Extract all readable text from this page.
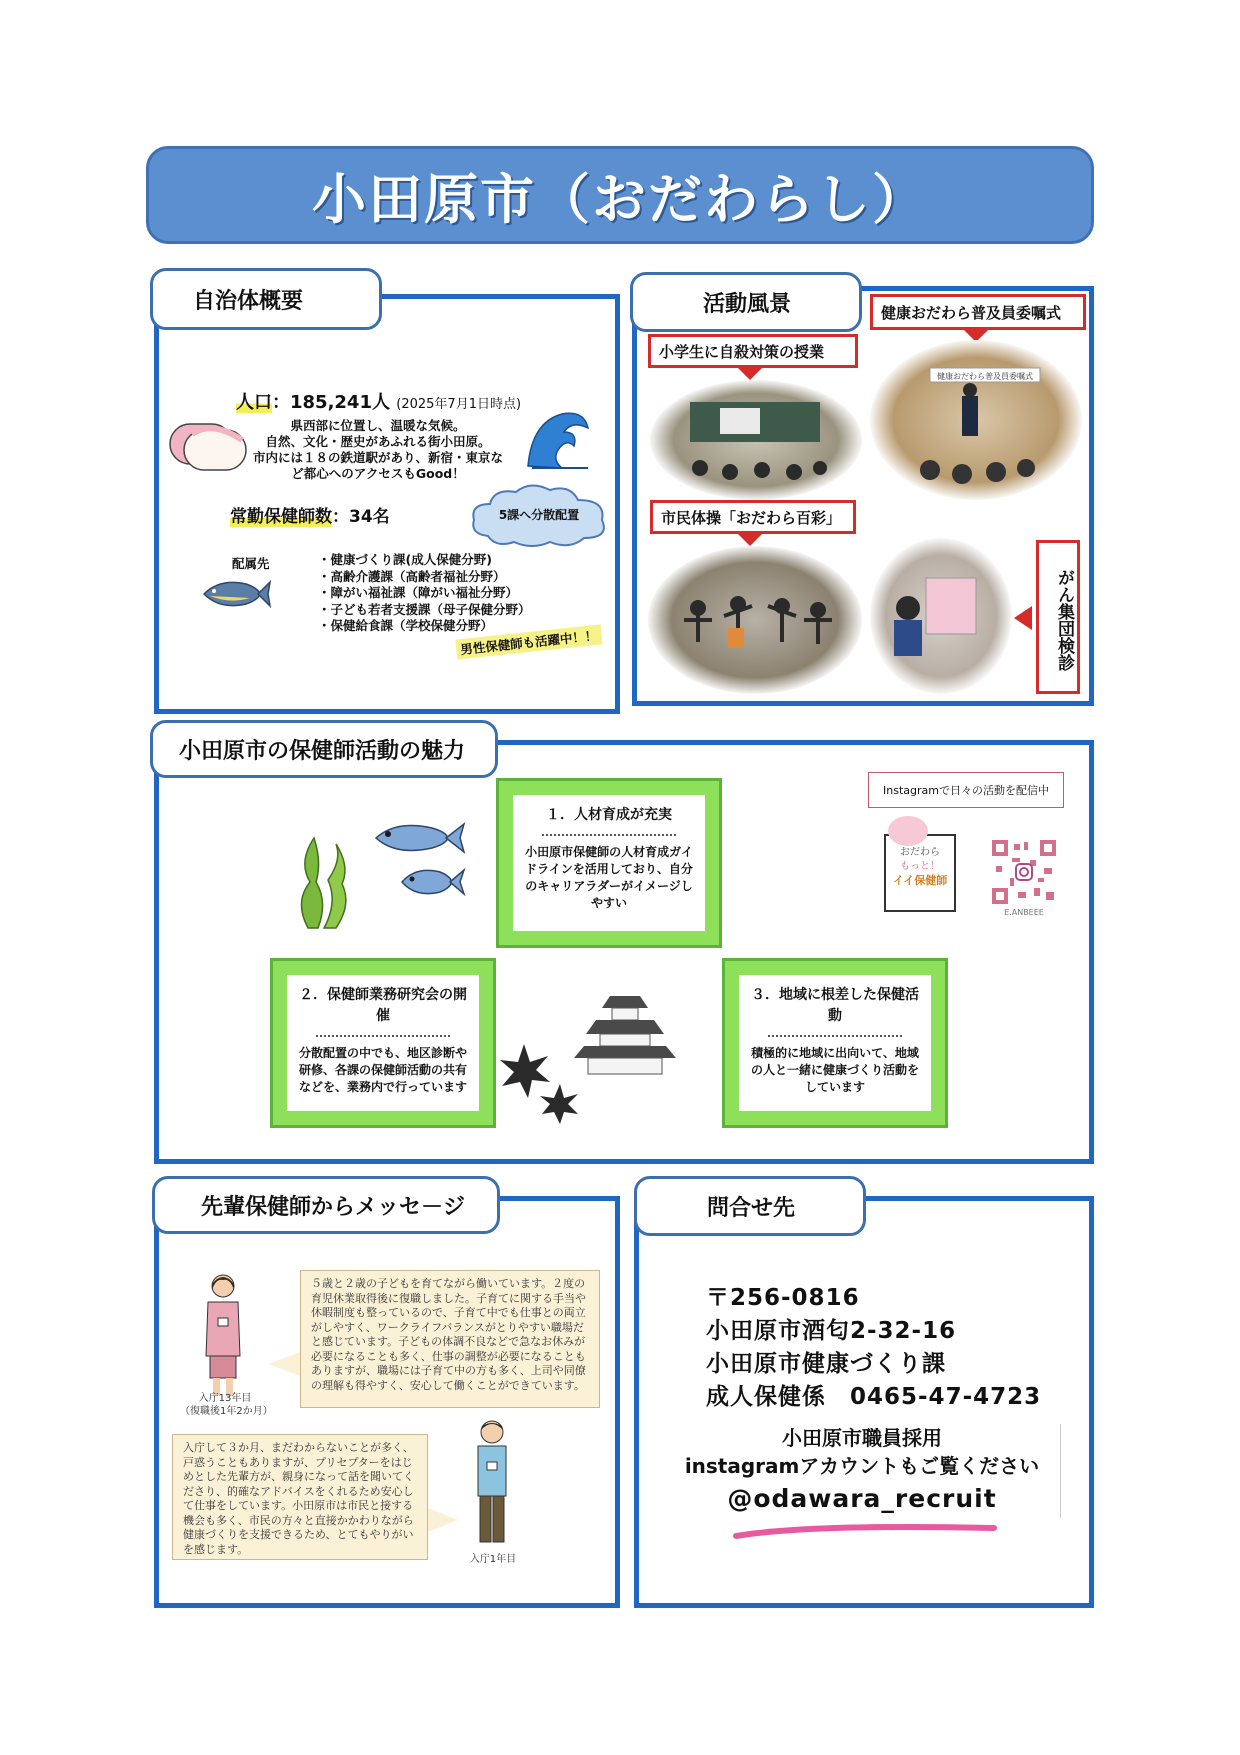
小田原市（おだわらし）
自治体概要
人口：185,241人 (2025年7月1日時点)
県西部に位置し、温暖な気候。
自然、文化・歴史があふれる街小田原。
市内には１８の鉄道駅があり、新宿・東京な
ど都心へのアクセスもGood！
常勤保健師数：34名	5課へ分散配置
配属先	・健康づくり課(成人保健分野)
・高齢介護課（高齢者福祉分野）
・障がい福祉課（障がい福祉分野）
・子ども若者支援課（母子保健分野）
・保健給食課（学校保健分野）
男性保健師も活躍中！！
活動風景	健康おだわら普及員委嘱式
小学生に自殺対策の授業
健康おだわら普及員委嘱式
市民体操「おだわら百彩」
がん集団検診
小田原市の保健師活動の魅力
１．人材育成が充実
小田原市保健師の人材育成ガイドラインを活用しており、自分のキャリアラダーがイメージしやすい
２．保健師業務研究会の開催
分散配置の中でも、地区診断や研修、各課の保健師活動の共有などを、業務内で行っています
３．地域に根差した保健活動
積極的に地域に出向いて、地域の人と一緒に健康づくり活動をしています
Instagramで日々の活動を配信中
おだわら
もっと！
イイ保健師
E.ANBEEE
先輩保健師からメッセ－ジ
入庁13年目
（復職後1年2か月）
５歳と２歳の子どもを育てながら働いています。２度の育児休業取得後に復職しました。子育てに関する手当や休暇制度も整っているので、子育て中でも仕事との両立がしやすく、ワークライフバランスがとりやすい職場だと感じています。子どもの体調不良などで急なお休みが必要になることも多く、仕事の調整が必要になることもありますが、職場には子育て中の方も多く、上司や同僚の理解も得やすく、安心して働くことができています。
入庁して３か月、まだわからないことが多く、戸惑うこともありますが、プリセプターをはじめとした先輩方が、親身になって話を聞いてくださり、的確なアドバイスをくれるため安心して仕事をしています。小田原市は市民と接する機会も多く、市民の方々と直接かかわりながら健康づくりを支援できるため、とてもやりがいを感じます。
入庁1年目
問合せ先
〒256-0816
小田原市酒匂2-32-16
小田原市健康づくり課
成人保健係　0465-47-4723
小田原市職員採用
instagramアカウントもご覧ください
@odawara_recruit
